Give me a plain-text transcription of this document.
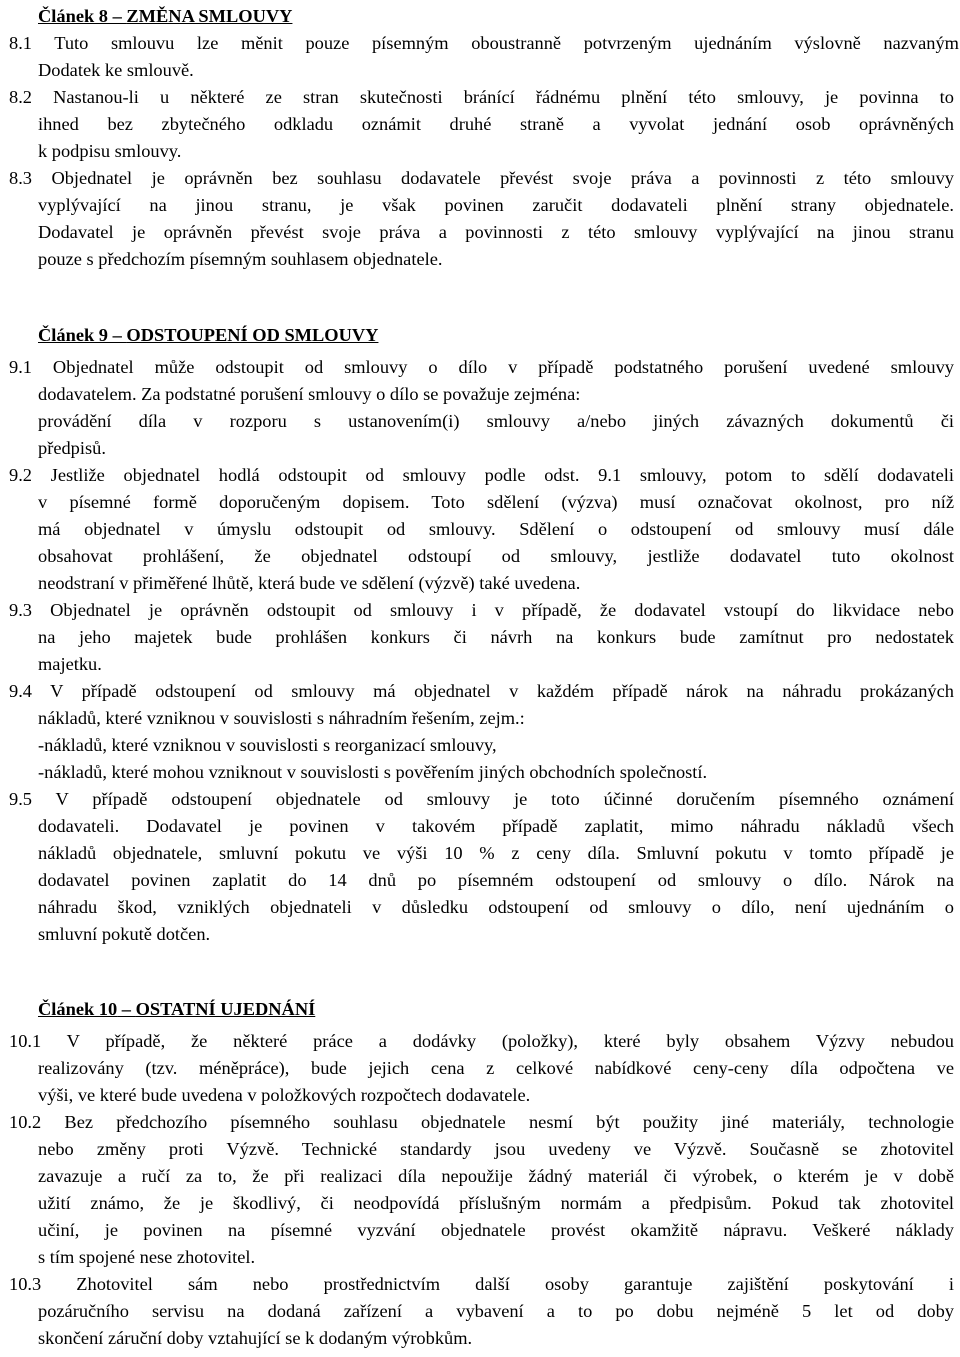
Článek 8 – ZMĚNA SMLOUVY
8.1 Tuto smlouvu lze měnit pouze písemným oboustranně potvrzeným ujednáním výslovně nazvaným
Dodatek ke smlouvě.
8.2 Nastanou-li u některé ze stran skutečnosti bránící řádnému plnění této smlouvy, je povinna to
ihned bez zbytečného odkladu oznámit druhé straně a vyvolat jednání osob oprávněných
k podpisu smlouvy.
8.3 Objednatel je oprávněn bez souhlasu dodavatele převést svoje práva a povinnosti z této smlouvy
vyplývající na jinou stranu, je však povinen zaručit dodavateli plnění strany objednatele.
Dodavatel je oprávněn převést svoje práva a povinnosti z této smlouvy vyplývající na jinou stranu
pouze s předchozím písemným souhlasem objednatele.
Článek 9 – ODSTOUPENÍ OD SMLOUVY
9.1 Objednatel může odstoupit od smlouvy o dílo v případě podstatného porušení uvedené smlouvy
dodavatelem. Za podstatné porušení smlouvy o dílo se považuje zejména:
provádění díla v rozporu s ustanovením(i) smlouvy a/nebo jiných závazných dokumentů či
předpisů.
9.2 Jestliže objednatel hodlá odstoupit od smlouvy podle odst. 9.1 smlouvy, potom to sdělí dodavateli
v písemné formě doporučeným dopisem. Toto sdělení (výzva) musí označovat okolnost, pro níž
má objednatel v úmyslu odstoupit od smlouvy. Sdělení o odstoupení od smlouvy musí dále
obsahovat prohlášení, že objednatel odstoupí od smlouvy, jestliže dodavatel tuto okolnost
neodstraní v přiměřené lhůtě, která bude ve sdělení (výzvě) také uvedena.
9.3 Objednatel je oprávněn odstoupit od smlouvy i v případě, že dodavatel vstoupí do likvidace nebo
na jeho majetek bude prohlášen konkurs či návrh na konkurs bude zamítnut pro nedostatek
majetku.
9.4 V případě odstoupení od smlouvy má objednatel v každém případě nárok na náhradu prokázaných
nákladů, které vzniknou v souvislosti s náhradním řešením, zejm.:
-nákladů, které vzniknou v souvislosti s reorganizací smlouvy,
-nákladů, které mohou vzniknout v souvislosti s pověřením jiných obchodních společností.
9.5 V případě odstoupení objednatele od smlouvy je toto účinné doručením písemného oznámení
dodavateli. Dodavatel je povinen v takovém případě zaplatit, mimo náhradu nákladů všech
nákladů objednatele, smluvní pokutu ve výši 10 % z ceny díla. Smluvní pokutu v tomto případě je
dodavatel povinen zaplatit do 14 dnů po písemném odstoupení od smlouvy o dílo. Nárok na
náhradu škod, vzniklých objednateli v důsledku odstoupení od smlouvy o dílo, není ujednáním o
smluvní pokutě dotčen.
Článek 10 – OSTATNÍ UJEDNÁNÍ
10.1 V případě, že některé práce a dodávky (položky), které byly obsahem Výzvy nebudou
realizovány (tzv. méněpráce), bude jejich cena z celkové nabídkové ceny-ceny díla odpočtena ve
výši, ve které bude uvedena v položkových rozpočtech dodavatele.
10.2 Bez předchozího písemného souhlasu objednatele nesmí být použity jiné materiály, technologie
nebo změny proti Výzvě. Technické standardy jsou uvedeny ve Výzvě. Současně se zhotovitel
zavazuje a ručí za to, že při realizaci díla nepoužije žádný materiál či výrobek, o kterém je v době
užití známo, že je škodlivý, či neodpovídá příslušným normám a předpisům. Pokud tak zhotovitel
učiní, je povinen na písemné vyzvání objednatele provést okamžitě nápravu. Veškeré náklady
s tím spojené nese zhotovitel.
10.3 Zhotovitel sám nebo prostřednictvím další osoby garantuje zajištění poskytování i
pozáručního servisu na dodaná zařízení a vybavení a to po dobu nejméně 5 let od doby
skončení záruční doby vztahující se k dodaným výrobkům.
